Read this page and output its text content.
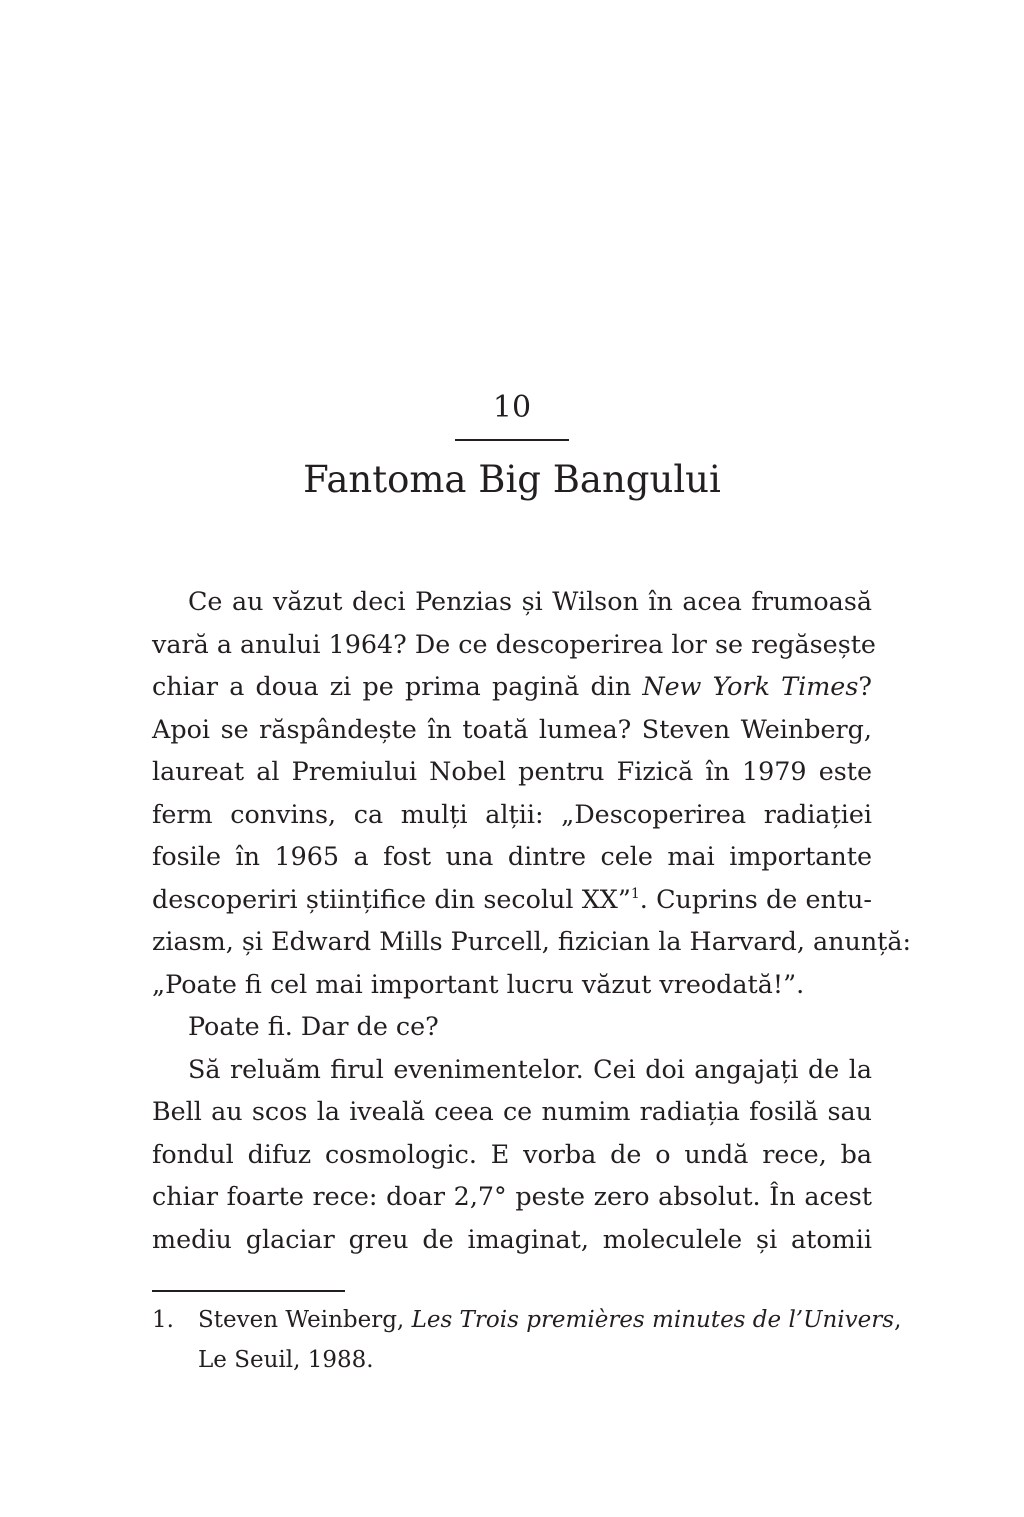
10
Fantoma Big Bangului
Ce au văzut deci Penzias și Wilson în acea frumoasă
vară a anului 1964? De ce descoperirea lor se regăsește
chiar a doua zi pe prima pagină din New York Times?
Apoi se răspândește în toată lumea? Steven Weinberg,
laureat al Premiului Nobel pentru Fizică în 1979 este
ferm convins, ca mulți alții: „Descoperirea radiației
fosile în 1965 a fost una dintre cele mai importante
descoperiri științifice din secolul XX”$^1$. Cuprins de entu-
ziasm, și Edward Mills Purcell, fizician la Harvard, anunță:
„Poate fi cel mai important lucru văzut vreodată!”.
Poate fi. Dar de ce?
Să reluăm firul evenimentelor. Cei doi angajați de la
Bell au scos la iveală ceea ce numim radiația fosilă sau
fondul difuz cosmologic. E vorba de o undă rece, ba
chiar foarte rece: doar 2,7° peste zero absolut. În acest
mediu glaciar greu de imaginat, moleculele și atomii
1. Steven Weinberg, Les Trois premières minutes de l’Univers,
Le Seuil, 1988.
